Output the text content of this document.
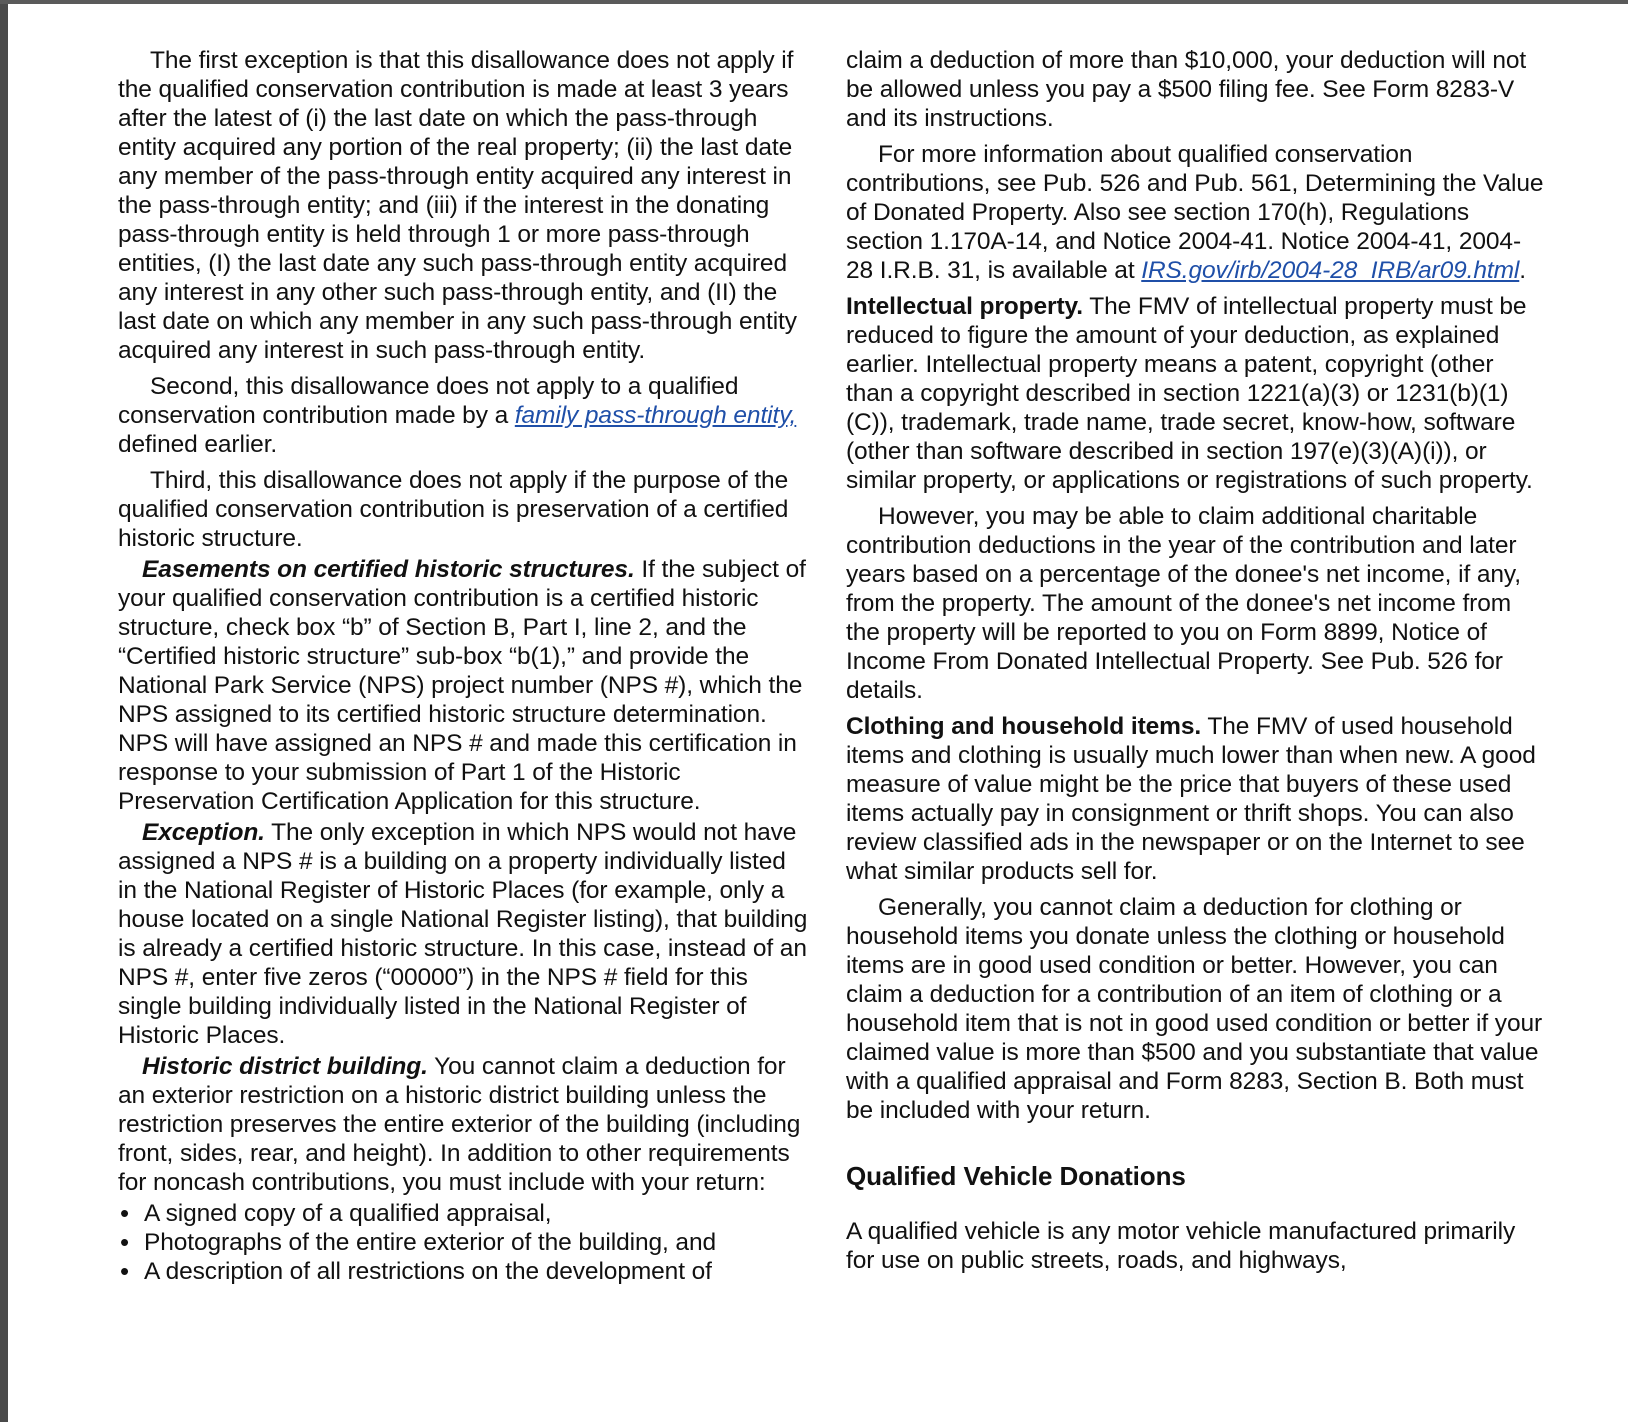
The first exception is that this disallowance does not apply if the qualified conservation contribution is made at least 3 years after the latest of (i) the last date on which the pass-through entity acquired any portion of the real property; (ii) the last date any member of the pass-through entity acquired any interest in the pass-through entity; and (iii) if the interest in the donating pass-through entity is held through 1 or more pass-through entities, (I) the last date any such pass-through entity acquired any interest in any other such pass-through entity, and (II) the last date on which any member in any such pass-through entity acquired any interest in such pass-through entity.

Second, this disallowance does not apply to a qualified conservation contribution made by a family pass-through entity, defined earlier.

Third, this disallowance does not apply if the purpose of the qualified conservation contribution is preservation of a certified historic structure.

Easements on certified historic structures. If the subject of your qualified conservation contribution is a certified historic structure, check box “b” of Section B, Part I, line 2, and the “Certified historic structure” sub-box “b(1),” and provide the National Park Service (NPS) project number (NPS #), which the NPS assigned to its certified historic structure determination. NPS will have assigned an NPS # and made this certification in response to your submission of Part 1 of the Historic Preservation Certification Application for this structure.

Exception. The only exception in which NPS would not have assigned a NPS # is a building on a property individually listed in the National Register of Historic Places (for example, only a house located on a single National Register listing), that building is already a certified historic structure. In this case, instead of an NPS #, enter five zeros (“00000”) in the NPS # field for this single building individually listed in the National Register of Historic Places.

Historic district building. You cannot claim a deduction for an exterior restriction on a historic district building unless the restriction preserves the entire exterior of the building (including front, sides, rear, and height). In addition to other requirements for noncash contributions, you must include with your return:

• A signed copy of a qualified appraisal,
• Photographs of the entire exterior of the building, and
• A description of all restrictions on the development of

claim a deduction of more than $10,000, your deduction will not be allowed unless you pay a $500 filing fee. See Form 8283-V and its instructions.

For more information about qualified conservation contributions, see Pub. 526 and Pub. 561, Determining the Value of Donated Property. Also see section 170(h), Regulations section 1.170A-14, and Notice 2004-41. Notice 2004-41, 2004-28 I.R.B. 31, is available at IRS.gov/irb/2004-28_IRB/ar09.html.

Intellectual property. The FMV of intellectual property must be reduced to figure the amount of your deduction, as explained earlier. Intellectual property means a patent, copyright (other than a copyright described in section 1221(a)(3) or 1231(b)(1)(C)), trademark, trade name, trade secret, know-how, software (other than software described in section 197(e)(3)(A)(i)), or similar property, or applications or registrations of such property.

However, you may be able to claim additional charitable contribution deductions in the year of the contribution and later years based on a percentage of the donee's net income, if any, from the property. The amount of the donee's net income from the property will be reported to you on Form 8899, Notice of Income From Donated Intellectual Property. See Pub. 526 for details.

Clothing and household items. The FMV of used household items and clothing is usually much lower than when new. A good measure of value might be the price that buyers of these used items actually pay in consignment or thrift shops. You can also review classified ads in the newspaper or on the Internet to see what similar products sell for.

Generally, you cannot claim a deduction for clothing or household items you donate unless the clothing or household items are in good used condition or better. However, you can claim a deduction for a contribution of an item of clothing or a household item that is not in good used condition or better if your claimed value is more than $500 and you substantiate that value with a qualified appraisal and Form 8283, Section B. Both must be included with your return.

Qualified Vehicle Donations

A qualified vehicle is any motor vehicle manufactured primarily for use on public streets, roads, and highways,
